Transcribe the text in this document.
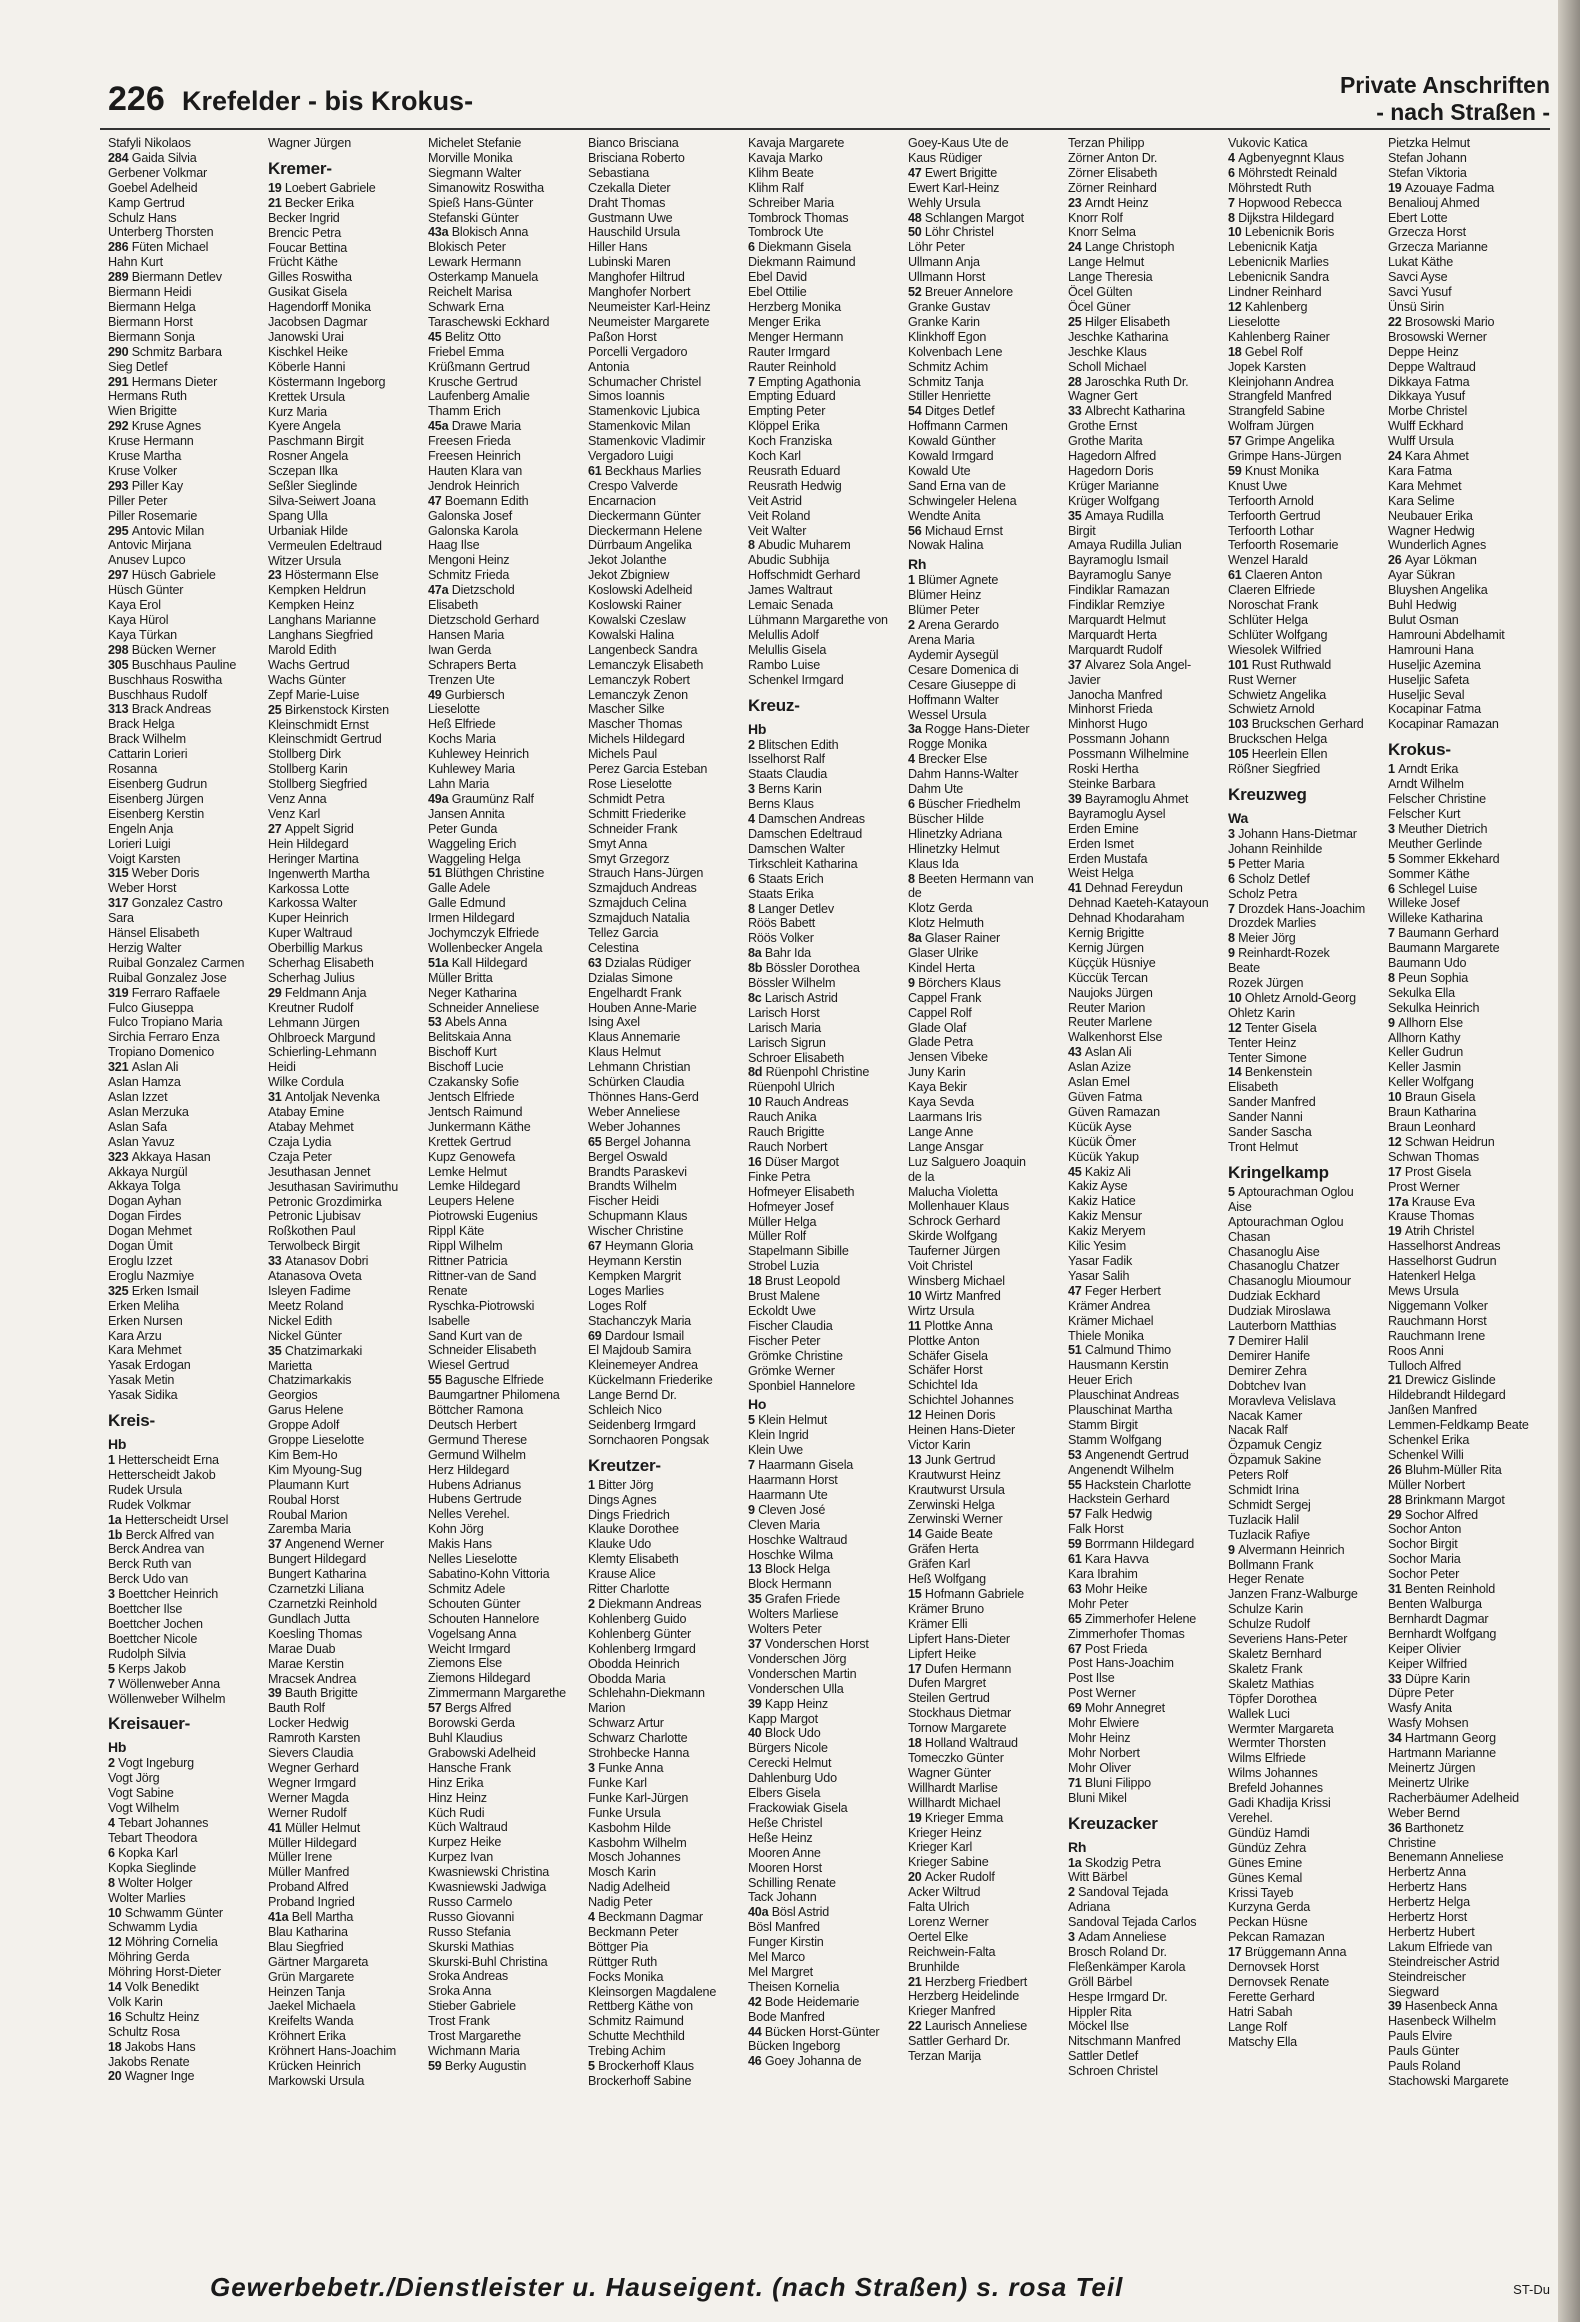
226 Krefelder - bis Krokus-
Private Anschriften
- nach Straßen -
Stafyli Nikolaos
284 Gaida Silvia
Gerbener Volkmar
Goebel Adelheid
Kamp Gertrud
Schulz Hans
Unterberg Thorsten
286 Füten Michael
Hahn Kurt
289 Biermann Detlev
Biermann Heidi
Biermann Helga
Biermann Horst
Biermann Sonja
290 Schmitz Barbara
Sieg Detlef
291 Hermans Dieter
Hermans Ruth
Wien Brigitte
292 Kruse Agnes
Kruse Hermann
Kruse Martha
Kruse Volker
293 Piller Kay
Piller Peter
Piller Rosemarie
295 Antovic Milan
Antovic Mirjana
Anusev Lupco
297 Hüsch Gabriele
Hüsch Günter
Kaya Erol
Kaya Hürol
Kaya Türkan
298 Bücken Werner
305 Buschhaus Pauline
Buschhaus Roswitha
Buschhaus Rudolf
313 Brack Andreas
Brack Helga
Brack Wilhelm
Cattarin Lorieri
Rosanna
Eisenberg Gudrun
Eisenberg Jürgen
Eisenberg Kerstin
Engeln Anja
Lorieri Luigi
Voigt Karsten
315 Weber Doris
Weber Horst
317 Gonzalez Castro
Sara
Hänsel Elisabeth
Herzig Walter
Ruibal Gonzalez Carmen
Ruibal Gonzalez Jose
319 Ferraro Raffaele
Fulco Giuseppa
Fulco Tropiano Maria
Sirchia Ferraro Enza
Tropiano Domenico
321 Aslan Ali
Aslan Hamza
Aslan Izzet
Aslan Merzuka
Aslan Safa
Aslan Yavuz
323 Akkaya Hasan
Akkaya Nurgül
Akkaya Tolga
Dogan Ayhan
Dogan Firdes
Dogan Mehmet
Dogan Ümit
Eroglu Izzet
Eroglu Nazmiye
325 Erken Ismail
Erken Meliha
Erken Nursen
Kara Arzu
Kara Mehmet
Yasak Erdogan
Yasak Metin
Yasak Sidika
Kreis-
Hb
1 Hetterscheidt Erna
Hetterscheidt Jakob
Rudek Ursula
Rudek Volkmar
1a Hetterscheidt Ursel
1b Berck Alfred van
Berck Andrea van
Berck Ruth van
Berck Udo van
3 Boettcher Heinrich
Boettcher Ilse
Boettcher Jochen
Boettcher Nicole
Rudolph Silvia
5 Kerps Jakob
7 Wöllenweber Anna
Wöllenweber Wilhelm
Kreisauer-
Hb
2 Vogt Ingeburg
Vogt Jörg
Vogt Sabine
Vogt Wilhelm
4 Tebart Johannes
Tebart Theodora
6 Kopka Karl
Kopka Sieglinde
8 Wolter Holger
Wolter Marlies
10 Schwamm Günter
Schwamm Lydia
12 Möhring Cornelia
Möhring Gerda
Möhring Horst-Dieter
14 Volk Benedikt
Volk Karin
16 Schultz Heinz
Schultz Rosa
18 Jakobs Hans
Jakobs Renate
20 Wagner Inge
Wagner Jürgen
Kremer-
19 Loebert Gabriele
21 Becker Erika
Becker Ingrid
Brencic Petra
Foucar Bettina
Frücht Käthe
Gilles Roswitha
Gusikat Gisela
Hagendorff Monika
Jacobsen Dagmar
Janowski Urai
Kischkel Heike
Köberle Hanni
Köstermann Ingeborg
Krettek Ursula
Kurz Maria
Kyere Angela
Paschmann Birgit
Rosner Angela
Sczepan Ilka
Seßler Sieglinde
Silva-Seiwert Joana
Spang Ulla
Urbaniak Hilde
Vermeulen Edeltraud
Witzer Ursula
23 Höstermann Else
Kempken Heldrun
Kempken Heinz
Langhans Marianne
Langhans Siegfried
Marold Edith
Wachs Gertrud
Wachs Günter
Zepf Marie-Luise
25 Birkenstock Kirsten
Kleinschmidt Ernst
Kleinschmidt Gertrud
Stollberg Dirk
Stollberg Karin
Stollberg Siegfried
Venz Anna
Venz Karl
27 Appelt Sigrid
Hein Hildegard
Heringer Martina
Ingenwerth Martha
Karkossa Lotte
Karkossa Walter
Kuper Heinrich
Kuper Waltraud
Oberbillig Markus
Scherhag Elisabeth
Scherhag Julius
29 Feldmann Anja
Kreutner Rudolf
Lehmann Jürgen
Ohlbroeck Margund
Schierling-Lehmann
Heidi
Wilke Cordula
31 Antoljak Nevenka
Atabay Emine
Atabay Mehmet
Czaja Lydia
Czaja Peter
Jesuthasan Jennet
Jesuthasan Savirimuthu
Petronic Grozdimirka
Petronic Ljubisav
Roßkothen Paul
Terwolbeck Birgit
33 Atanasov Dobri
Atanasova Oveta
Isleyen Fadime
Meetz Roland
Nickel Edith
Nickel Günter
35 Chatzimarkaki
Marietta
Chatzimarkakis
Georgios
Garus Helene
Groppe Adolf
Groppe Lieselotte
Kim Bem-Ho
Kim Myoung-Sug
Plaumann Kurt
Roubal Horst
Roubal Marion
Zaremba Maria
37 Angenend Werner
Bungert Hildegard
Bungert Katharina
Czarnetzki Liliana
Czarnetzki Reinhold
Gundlach Jutta
Koesling Thomas
Marae Duab
Marae Kerstin
Mracsek Andrea
39 Bauth Brigitte
Bauth Rolf
Locker Hedwig
Ramroth Karsten
Sievers Claudia
Wegner Gerhard
Wegner Irmgard
Werner Magda
Werner Rudolf
41 Müller Helmut
Müller Hildegard
Müller Irene
Müller Manfred
Proband Alfred
Proband Ingried
41a Bell Martha
Blau Katharina
Blau Siegfried
Gärtner Margareta
Grün Margarete
Heinzen Tanja
Jaekel Michaela
Kreifelts Wanda
Kröhnert Erika
Kröhnert Hans-Joachim
Krücken Heinrich
Markowski Ursula
Michelet Stefanie
Morville Monika
Siegmann Walter
Simanowitz Roswitha
Spieß Hans-Günter
Stefanski Günter
43a Blokisch Anna
Blokisch Peter
Lewark Hermann
Osterkamp Manuela
Reichelt Marisa
Schwark Erna
Taraschewski Eckhard
45 Belitz Otto
Friebel Emma
Krüßmann Gertrud
Krusche Gertrud
Laufenberg Amalie
Thamm Erich
45a Drawe Maria
Freesen Frieda
Freesen Heinrich
Hauten Klara van
Jendrok Heinrich
47 Boemann Edith
Galonska Josef
Galonska Karola
Haag Ilse
Mengoni Heinz
Schmitz Frieda
47a Dietzschold
Elisabeth
Dietzschold Gerhard
Hansen Maria
Iwan Gerda
Schrapers Berta
Trenzen Ute
49 Gurbiersch
Lieselotte
Heß Elfriede
Kochs Maria
Kuhlewey Heinrich
Kuhlewey Maria
Lahn Maria
49a Graumünz Ralf
Jansen Annita
Peter Gunda
Waggeling Erich
Waggeling Helga
51 Blüthgen Christine
Galle Adele
Galle Edmund
Irmen Hildegard
Jochymczyk Elfriede
Wollenbecker Angela
51a Kall Hildegard
Müller Britta
Neger Katharina
Schneider Anneliese
53 Abels Anna
Belitskaia Anna
Bischoff Kurt
Bischoff Lucie
Czakansky Sofie
Jentsch Elfriede
Jentsch Raimund
Junkermann Käthe
Krettek Gertrud
Kupz Genowefa
Lemke Helmut
Lemke Hildegard
Leupers Helene
Piotrowski Eugenius
Rippl Käte
Rippl Wilhelm
Rittner Patricia
Rittner-van de Sand
Renate
Ryschka-Piotrowski
Isabelle
Sand Kurt van de
Schneider Elisabeth
Wiesel Gertrud
55 Bagusche Elfriede
Baumgartner Philomena
Böttcher Ramona
Deutsch Herbert
Germund Therese
Germund Wilhelm
Herz Hildegard
Hubens Adrianus
Hubens Gertrude
Nelles Verehel.
Kohn Jörg
Makis Hans
Nelles Lieselotte
Sabatino-Kohn Vittoria
Schmitz Adele
Schouten Günter
Schouten Hannelore
Vogelsang Anna
Weicht Irmgard
Ziemons Else
Ziemons Hildegard
Zimmermann Margarethe
57 Bergs Alfred
Borowski Gerda
Buhl Klaudius
Grabowski Adelheid
Hansche Frank
Hinz Erika
Hinz Heinz
Küch Rudi
Küch Waltraud
Kurpez Heike
Kurpez Ivan
Kwasniewski Christina
Kwasniewski Jadwiga
Russo Carmelo
Russo Giovanni
Russo Stefania
Skurski Mathias
Skurski-Buhl Christina
Sroka Andreas
Sroka Anna
Stieber Gabriele
Trost Frank
Trost Margarethe
Wichmann Maria
59 Berky Augustin
Bianco Brisciana
Brisciana Roberto
Sebastiana
Czekalla Dieter
Draht Thomas
Gustmann Uwe
Hauschild Ursula
Hiller Hans
Lubinski Maren
Manghofer Hiltrud
Manghofer Norbert
Neumeister Karl-Heinz
Neumeister Margarete
Paßon Horst
Porcelli Vergadoro
Antonia
Schumacher Christel
Simos Ioannis
Stamenkovic Ljubica
Stamenkovic Milan
Stamenkovic Vladimir
Vergadoro Luigi
61 Beckhaus Marlies
Crespo Valverde
Encarnacion
Dieckermann Günter
Dieckermann Helene
Dürrbaum Angelika
Jekot Jolanthe
Jekot Zbigniew
Koslowski Adelheid
Koslowski Rainer
Kowalski Czeslaw
Kowalski Halina
Langenbeck Sandra
Lemanczyk Elisabeth
Lemanczyk Robert
Lemanczyk Zenon
Mascher Silke
Mascher Thomas
Michels Hildegard
Michels Paul
Perez Garcia Esteban
Rose Lieselotte
Schmidt Petra
Schmitt Friederike
Schneider Frank
Smyt Anna
Smyt Grzegorz
Strauch Hans-Jürgen
Szmajduch Andreas
Szmajduch Celina
Szmajduch Natalia
Tellez Garcia
Celestina
63 Dzialas Rüdiger
Dzialas Simone
Engelhardt Frank
Houben Anne-Marie
Ising Axel
Klaus Annemarie
Klaus Helmut
Lehmann Christian
Schürken Claudia
Thönnes Hans-Gerd
Weber Anneliese
Weber Johannes
65 Bergel Johanna
Bergel Oswald
Brandts Paraskevi
Brandts Wilhelm
Fischer Heidi
Schupmann Klaus
Wischer Christine
67 Heymann Gloria
Heymann Kerstin
Kempken Margrit
Loges Marlies
Loges Rolf
Stachanczyk Maria
69 Dardour Ismail
El Majdoub Samira
Kleinemeyer Andrea
Kückelmann Friederike
Lange Bernd Dr.
Schleich Nico
Seidenberg Irmgard
Sornchaoren Pongsak
Kreutzer-
1 Bitter Jörg
Dings Agnes
Dings Friedrich
Klauke Dorothee
Klauke Udo
Klemty Elisabeth
Krause Alice
Ritter Charlotte
2 Diekmann Andreas
Kohlenberg Guido
Kohlenberg Günter
Kohlenberg Irmgard
Obodda Heinrich
Obodda Maria
Schlehahn-Diekmann
Marion
Schwarz Artur
Schwarz Charlotte
Strohbecke Hanna
3 Funke Anna
Funke Karl
Funke Karl-Jürgen
Funke Ursula
Kasbohm Hilde
Kasbohm Wilhelm
Mosch Johannes
Mosch Karin
Nadig Adelheid
Nadig Peter
4 Beckmann Dagmar
Beckmann Peter
Böttger Pia
Rüttger Ruth
Focks Monika
Kleinsorgen Magdalene
Rettberg Käthe von
Schmitz Raimund
Schutte Mechthild
Trebing Achim
5 Brockerhoff Klaus
Brockerhoff Sabine
Kavaja Margarete
Kavaja Marko
Klihm Beate
Klihm Ralf
Schreiber Maria
Tombrock Thomas
Tombrock Ute
6 Diekmann Gisela
Diekmann Raimund
Ebel David
Ebel Ottilie
Herzberg Monika
Menger Erika
Menger Hermann
Rauter Irmgard
Rauter Reinhold
7 Empting Agathonia
Empting Eduard
Empting Peter
Klöppel Erika
Koch Franziska
Koch Karl
Reusrath Eduard
Reusrath Hedwig
Veit Astrid
Veit Roland
Veit Walter
8 Abudic Muharem
Abudic Subhija
Hoffschmidt Gerhard
James Waltraut
Lemaic Senada
Lühmann Margarethe von
Melullis Adolf
Melullis Gisela
Rambo Luise
Schenkel Irmgard
Kreuz-
Hb
2 Blitschen Edith
Isselhorst Ralf
Staats Claudia
3 Berns Karin
Berns Klaus
4 Damschen Andreas
Damschen Edeltraud
Damschen Walter
Tirkschleit Katharina
6 Staats Erich
Staats Erika
8 Langer Detlev
Röös Babett
Röös Volker
8a Bahr Ida
8b Bössler Dorothea
Bössler Wilhelm
8c Larisch Astrid
Larisch Horst
Larisch Maria
Larisch Sigrun
Schroer Elisabeth
8d Rüenpohl Christine
Rüenpohl Ulrich
10 Rauch Andreas
Rauch Anika
Rauch Brigitte
Rauch Norbert
16 Düser Margot
Finke Petra
Hofmeyer Elisabeth
Hofmeyer Josef
Müller Helga
Müller Rolf
Stapelmann Sibille
Strobel Luzia
18 Brust Leopold
Brust Malene
Eckoldt Uwe
Fischer Claudia
Fischer Peter
Grömke Christine
Grömke Werner
Sponbiel Hannelore
Ho
5 Klein Helmut
Klein Ingrid
Klein Uwe
7 Haarmann Gisela
Haarmann Horst
Haarmann Ute
9 Cleven José
Cleven Maria
Hoschke Waltraud
Hoschke Wilma
13 Block Helga
Block Hermann
35 Grafen Friede
Wolters Marliese
Wolters Peter
37 Vonderschen Horst
Vonderschen Jörg
Vonderschen Martin
Vonderschen Ulla
39 Kapp Heinz
Kapp Margot
40 Block Udo
Bürgers Nicole
Cerecki Helmut
Dahlenburg Udo
Elbers Gisela
Frackowiak Gisela
Heße Christel
Heße Heinz
Mooren Anne
Mooren Horst
Schilling Renate
Tack Johann
40a Bösl Astrid
Bösl Manfred
Funger Kirstin
Mel Marco
Mel Margret
Theisen Kornelia
42 Bode Heidemarie
Bode Manfred
44 Bücken Horst-Günter
Bücken Ingeborg
46 Goey Johanna de
Goey-Kaus Ute de
Kaus Rüdiger
47 Ewert Brigitte
Ewert Karl-Heinz
Wehly Ursula
48 Schlangen Margot
50 Löhr Christel
Löhr Peter
Ullmann Anja
Ullmann Horst
52 Breuer Annelore
Granke Gustav
Granke Karin
Klinkhoff Egon
Kolvenbach Lene
Schmitz Achim
Schmitz Tanja
Stiller Henriette
54 Ditges Detlef
Hoffmann Carmen
Kowald Günther
Kowald Irmgard
Kowald Ute
Sand Erna van de
Schwingeler Helena
Wendte Anita
56 Michaud Ernst
Nowak Halina
Rh
1 Blümer Agnete
Blümer Heinz
Blümer Peter
2 Arena Gerardo
Arena Maria
Aydemir Aysegül
Cesare Domenica di
Cesare Giuseppe di
Hoffmann Walter
Wessel Ursula
3a Rogge Hans-Dieter
Rogge Monika
4 Brecker Else
Dahm Hanns-Walter
Dahm Ute
6 Büscher Friedhelm
Büscher Hilde
Hlinetzky Adriana
Hlinetzky Helmut
Klaus Ida
8 Beeten Hermann van
de
Klotz Gerda
Klotz Helmuth
8a Glaser Rainer
Glaser Ulrike
Kindel Herta
9 Börchers Klaus
Cappel Frank
Cappel Rolf
Glade Olaf
Glade Petra
Jensen Vibeke
Juny Karin
Kaya Bekir
Kaya Sevda
Laarmans Iris
Lange Anne
Lange Ansgar
Luz Salguero Joaquin
de la
Malucha Violetta
Mollenhauer Klaus
Schrock Gerhard
Skirde Wolfgang
Tauferner Jürgen
Voit Christel
Winsberg Michael
10 Wirtz Manfred
Wirtz Ursula
11 Plottke Anna
Plottke Anton
Schäfer Gisela
Schäfer Horst
Schichtel Ida
Schichtel Johannes
12 Heinen Doris
Heinen Hans-Dieter
Victor Karin
13 Junk Gertrud
Krautwurst Heinz
Krautwurst Ursula
Zerwinski Helga
Zerwinski Werner
14 Gaide Beate
Gräfen Herta
Gräfen Karl
Heß Wolfgang
15 Hofmann Gabriele
Krämer Bruno
Krämer Elli
Lipfert Hans-Dieter
Lipfert Heike
17 Dufen Hermann
Dufen Margret
Steilen Gertrud
Stockhaus Dietmar
Tornow Margarete
18 Holland Waltraud
Tomeczko Günter
Wagner Günter
Willhardt Marlise
Willhardt Michael
19 Krieger Emma
Krieger Heinz
Krieger Karl
Krieger Sabine
20 Acker Rudolf
Acker Wiltrud
Falta Ulrich
Lorenz Werner
Oertel Elke
Reichwein-Falta
Brunhilde
21 Herzberg Friedbert
Herzberg Heidelinde
Krieger Manfred
22 Laurisch Anneliese
Sattler Gerhard Dr.
Terzan Marija
Terzan Philipp
Zörner Anton Dr.
Zörner Elisabeth
Zörner Reinhard
23 Arndt Heinz
Knorr Rolf
Knorr Selma
24 Lange Christoph
Lange Helmut
Lange Theresia
Öcel Gülten
Öcel Güner
25 Hilger Elisabeth
Jeschke Katharina
Jeschke Klaus
Scholl Michael
28 Jaroschka Ruth Dr.
Wagner Gert
33 Albrecht Katharina
Grothe Ernst
Grothe Marita
Hagedorn Alfred
Hagedorn Doris
Krüger Marianne
Krüger Wolfgang
35 Amaya Rudilla
Birgit
Amaya Rudilla Julian
Bayramoglu Ismail
Bayramoglu Sanye
Findiklar Ramazan
Findiklar Remziye
Marquardt Helmut
Marquardt Herta
Marquardt Rudolf
37 Alvarez Sola Angel-
Javier
Janocha Manfred
Minhorst Frieda
Minhorst Hugo
Possmann Johann
Possmann Wilhelmine
Roski Hertha
Steinke Barbara
39 Bayramoglu Ahmet
Bayramoglu Aysel
Erden Emine
Erden Ismet
Erden Mustafa
Weist Helga
41 Dehnad Fereydun
Dehnad Kaeteh-Katayoun
Dehnad Khodaraham
Kernig Brigitte
Kernig Jürgen
Küççük Hüsniye
Küccük Tercan
Naujoks Jürgen
Reuter Marion
Reuter Marlene
Walkenhorst Else
43 Aslan Ali
Aslan Azize
Aslan Emel
Güven Fatma
Güven Ramazan
Kücük Ayse
Kücük Ömer
Kücük Yakup
45 Kakiz Ali
Kakiz Ayse
Kakiz Hatice
Kakiz Mensur
Kakiz Meryem
Kilic Yesim
Yasar Fadik
Yasar Salih
47 Feger Herbert
Krämer Andrea
Krämer Michael
Thiele Monika
51 Calmund Thimo
Hausmann Kerstin
Heuer Erich
Plauschinat Andreas
Plauschinat Martha
Stamm Birgit
Stamm Wolfgang
53 Angenendt Gertrud
Angenendt Wilhelm
55 Hackstein Charlotte
Hackstein Gerhard
57 Falk Hedwig
Falk Horst
59 Borrmann Hildegard
61 Kara Havva
Kara Ibrahim
63 Mohr Heike
Mohr Peter
65 Zimmerhofer Helene
Zimmerhofer Thomas
67 Post Frieda
Post Hans-Joachim
Post Ilse
Post Werner
69 Mohr Annegret
Mohr Elwiere
Mohr Heinz
Mohr Norbert
Mohr Oliver
71 Bluni Filippo
Bluni Mikel
Kreuzacker
Rh
1a Skodzig Petra
Witt Bärbel
2 Sandoval Tejada
Adriana
Sandoval Tejada Carlos
3 Adam Anneliese
Brosch Roland Dr.
Fleßenkämper Karola
Gröll Bärbel
Hespe Irmgard Dr.
Hippler Rita
Möckel Ilse
Nitschmann Manfred
Sattler Detlef
Schroen Christel
Vukovic Katica
4 Agbenyegnnt Klaus
6 Möhrstedt Reinald
Möhrstedt Ruth
7 Hopwood Rebecca
8 Dijkstra Hildegard
10 Lebenicnik Boris
Lebenicnik Katja
Lebenicnik Marlies
Lebenicnik Sandra
Lindner Reinhard
12 Kahlenberg
Lieselotte
Kahlenberg Rainer
18 Gebel Rolf
Jopek Karsten
Kleinjohann Andrea
Strangfeld Manfred
Strangfeld Sabine
Wolfram Jürgen
57 Grimpe Angelika
Grimpe Hans-Jürgen
59 Knust Monika
Knust Uwe
Terfoorth Arnold
Terfoorth Gertrud
Terfoorth Lothar
Terfoorth Rosemarie
Wenzel Harald
61 Claeren Anton
Claeren Elfriede
Noroschat Frank
Schlüter Helga
Schlüter Wolfgang
Wiesolek Wilfried
101 Rust Ruthwald
Rust Werner
Schwietz Angelika
Schwietz Arnold
103 Bruckschen Gerhard
Bruckschen Helga
105 Heerlein Ellen
Rößner Siegfried
Kreuzweg
Wa
3 Johann Hans-Dietmar
Johann Reinhilde
5 Petter Maria
6 Scholz Detlef
Scholz Petra
7 Drozdek Hans-Joachim
Drozdek Marlies
8 Meier Jörg
9 Reinhardt-Rozek
Beate
Rozek Jürgen
10 Ohletz Arnold-Georg
Ohletz Karin
12 Tenter Gisela
Tenter Heinz
Tenter Simone
14 Benkenstein
Elisabeth
Sander Manfred
Sander Nanni
Sander Sascha
Tront Helmut
Kringelkamp
5 Aptourachman Oglou
Aise
Aptourachman Oglou
Chasan
Chasanoglu Aise
Chasanoglu Chatzer
Chasanoglu Mioumour
Dudziak Eckhard
Dudziak Miroslawa
Lauterborn Matthias
7 Demirer Halil
Demirer Hanife
Demirer Zehra
Dobtchev Ivan
Moravleva Velislava
Nacak Kamer
Nacak Ralf
Özpamuk Cengiz
Özpamuk Sakine
Peters Rolf
Schmidt Irina
Schmidt Sergej
Tuzlacik Halil
Tuzlacik Rafiye
9 Alvermann Heinrich
Bollmann Frank
Heger Renate
Janzen Franz-Walburge
Schulze Karin
Schulze Rudolf
Severiens Hans-Peter
Skaletz Bernhard
Skaletz Frank
Skaletz Mathias
Töpfer Dorothea
Wallek Luci
Wermter Margareta
Wermter Thorsten
Wilms Elfriede
Wilms Johannes
Brefeld Johannes
Gadi Khadija Krissi
Verehel.
Gündüz Hamdi
Gündüz Zehra
Günes Emine
Günes Kemal
Krissi Tayeb
Kurzyna Gerda
Peckan Hüsne
Pekcan Ramazan
17 Brüggemann Anna
Dernovsek Horst
Dernovsek Renate
Ferette Gerhard
Hatri Sabah
Lange Rolf
Matschy Ella
Pietzka Helmut
Stefan Johann
Stefan Viktoria
19 Azouaye Fadma
Benaliouj Ahmed
Ebert Lotte
Grzecza Horst
Grzecza Marianne
Lukat Käthe
Savci Ayse
Savci Yusuf
Ünsü Sirin
22 Brosowski Mario
Brosowski Werner
Deppe Heinz
Deppe Waltraud
Dikkaya Fatma
Dikkaya Yusuf
Morbe Christel
Wulff Eckhard
Wulff Ursula
24 Kara Ahmet
Kara Fatma
Kara Mehmet
Kara Selime
Neubauer Erika
Wagner Hedwig
Wunderlich Agnes
26 Ayar Lökman
Ayar Sükran
Bluyshen Angelika
Buhl Hedwig
Bulut Osman
Hamrouni Abdelhamit
Hamrouni Hana
Huseljic Azemina
Huseljic Safeta
Huseljic Seval
Kocapinar Fatma
Kocapinar Ramazan
Krokus-
1 Arndt Erika
Arndt Wilhelm
Felscher Christine
Felscher Kurt
3 Meuther Dietrich
Meuther Gerlinde
5 Sommer Ekkehard
Sommer Käthe
6 Schlegel Luise
Willeke Josef
Willeke Katharina
7 Baumann Gerhard
Baumann Margarete
Baumann Udo
8 Peun Sophia
Sekulka Ella
Sekulka Heinrich
9 Allhorn Else
Allhorn Kathy
Keller Gudrun
Keller Jasmin
Keller Wolfgang
10 Braun Gisela
Braun Katharina
Braun Leonhard
12 Schwan Heidrun
Schwan Thomas
17 Prost Gisela
Prost Werner
17a Krause Eva
Krause Thomas
19 Atrih Christel
Hasselhorst Andreas
Hasselhorst Gudrun
Hatenkerl Helga
Mews Ursula
Niggemann Volker
Rauchmann Horst
Rauchmann Irene
Roos Anni
Tulloch Alfred
21 Drewicz Gislinde
Hildebrandt Hildegard
Janßen Manfred
Lemmen-Feldkamp Beate
Schenkel Erika
Schenkel Willi
26 Bluhm-Müller Rita
Müller Norbert
28 Brinkmann Margot
29 Sochor Alfred
Sochor Anton
Sochor Birgit
Sochor Maria
Sochor Peter
31 Benten Reinhold
Benten Walburga
Bernhardt Dagmar
Bernhardt Wolfgang
Keiper Olivier
Keiper Wilfried
33 Düpre Karin
Düpre Peter
Wasfy Anita
Wasfy Mohsen
34 Hartmann Georg
Hartmann Marianne
Meinertz Jürgen
Meinertz Ulrike
Racherbäumer Adelheid
Weber Bernd
36 Barthonetz
Christine
Benemann Anneliese
Herbertz Anna
Herbertz Hans
Herbertz Helga
Herbertz Horst
Herbertz Hubert
Lakum Elfriede van
Steindreischer Astrid
Steindreischer
Siegward
39 Hasenbeck Anna
Hasenbeck Wilhelm
Pauls Elvire
Pauls Günter
Pauls Roland
Stachowski Margarete
Gewerbebetr./Dienstleister u. Hauseigent. (nach Straßen) s. rosa Teil	ST-Du
